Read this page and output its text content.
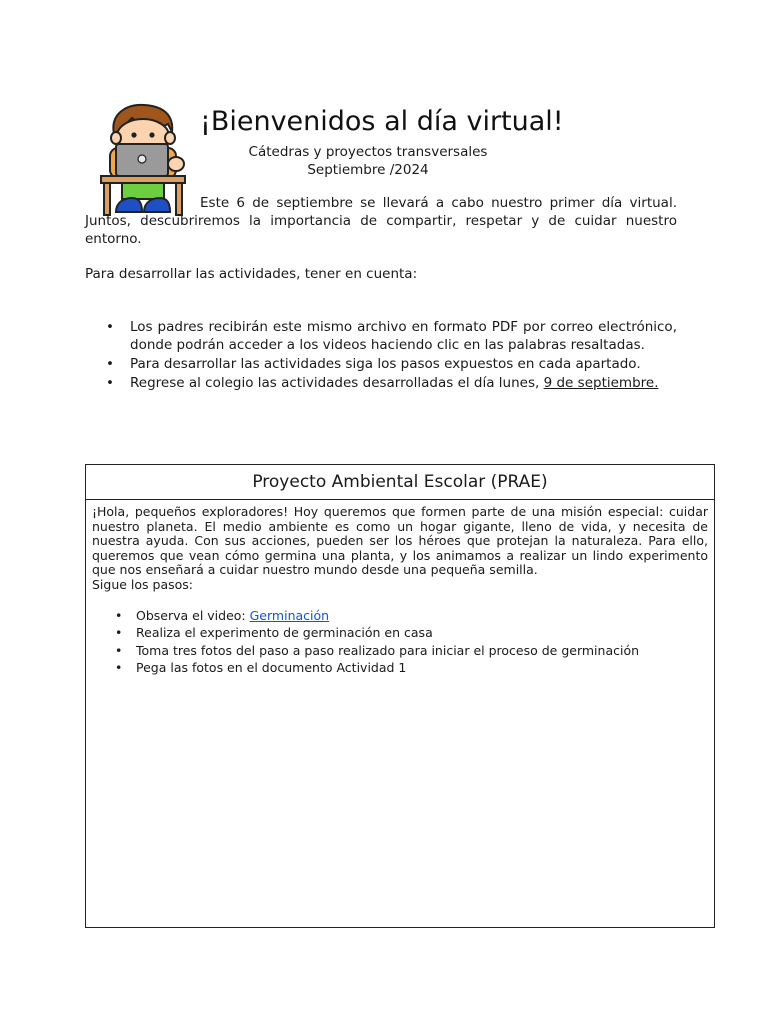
¡Bienvenidos al día virtual!
Cátedras y proyectos transversales
Septiembre /2024

Este 6 de septiembre se llevará a cabo nuestro primer día virtual. Juntos, descubriremos la importancia de compartir, respetar y de cuidar nuestro entorno.

Para desarrollar las actividades, tener en cuenta:

• Los padres recibirán este mismo archivo en formato PDF por correo electrónico, donde podrán acceder a los videos haciendo clic en las palabras resaltadas.
• Para desarrollar las actividades siga los pasos expuestos en cada apartado.
• Regrese al colegio las actividades desarrolladas el día lunes, 9 de septiembre.
Proyecto Ambiental Escolar (PRAE)

¡Hola, pequeños exploradores! Hoy queremos que formen parte de una misión especial: cuidar nuestro planeta. El medio ambiente es como un hogar gigante, lleno de vida, y necesita de nuestra ayuda. Con sus acciones, pueden ser los héroes que protejan la naturaleza. Para ello, queremos que vean cómo germina una planta, y los animamos a realizar un lindo experimento que nos enseñará a cuidar nuestro mundo desde una pequeña semilla.

Sigue los pasos:

• Observa el video: Germinación
• Realiza el experimento de germinación en casa
• Toma tres fotos del paso a paso realizado para iniciar el proceso de germinación
• Pega las fotos en el documento Actividad 1
